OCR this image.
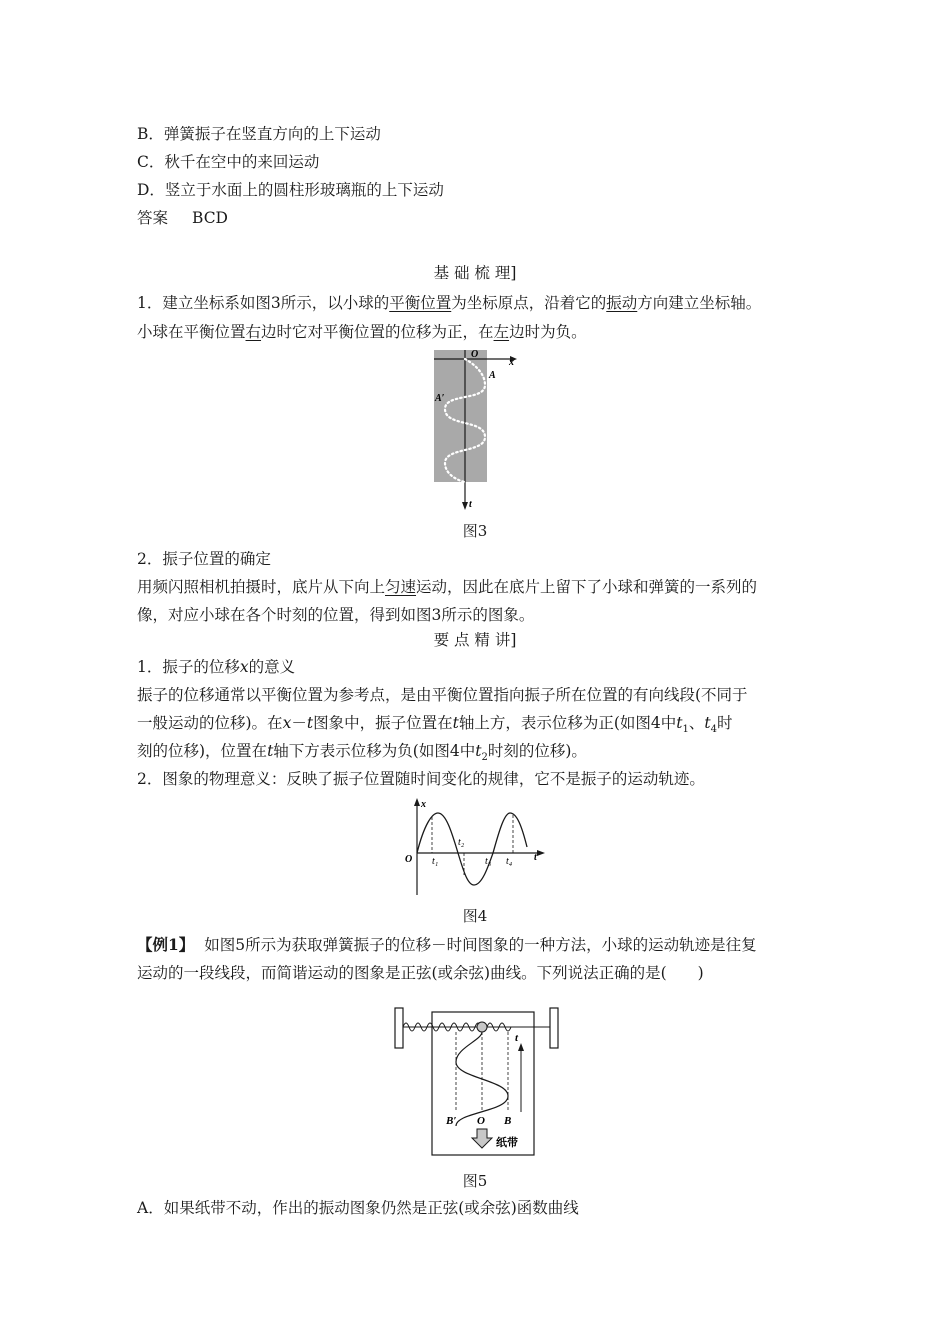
B．弹簧振子在竖直方向的上下运动
C．秋千在空中的来回运动
D．竖立于水面上的圆柱形玻璃瓶的上下运动
答案 BCD
基 础 梳 理]
1．建立坐标系如图3所示，以小球的平衡位置为坐标原点，沿着它的振动方向建立坐标轴。
小球在平衡位置右边时它对平衡位置的位移为正，在左边时为负。
O
x
A
A′
t
图3
2．振子位置的确定
用频闪照相机拍摄时，底片从下向上匀速运动，因此在底片上留下了小球和弹簧的一系列的
像，对应小球在各个时刻的位置，得到如图3所示的图象。
要 点 精 讲]
1．振子的位移x的意义
振子的位移通常以平衡位置为参考点，是由平衡位置指向振子所在位置的有向线段(不同于
一般运动的位移)。在x－t图象中，振子位置在t轴上方，表示位移为正(如图4中$t_1$、$t_4$时
刻的位移)，位置在t轴下方表示位移为负(如图4中$t_2$时刻的位移)。
2．图象的物理意义：反映了振子位置随时间变化的规律，它不是振子的运动轨迹。
x
O	t
t₁
t₂
t₃ t₄
图4
【例1】 如图5所示为获取弹簧振子的位移－时间图象的一种方法，小球的运动轨迹是往复
运动的一段线段，而简谐运动的图象是正弦(或余弦)曲线。下列说法正确的是(　　)
t
B′ O B
纸带
图5
A．如果纸带不动，作出的振动图象仍然是正弦(或余弦)函数曲线
